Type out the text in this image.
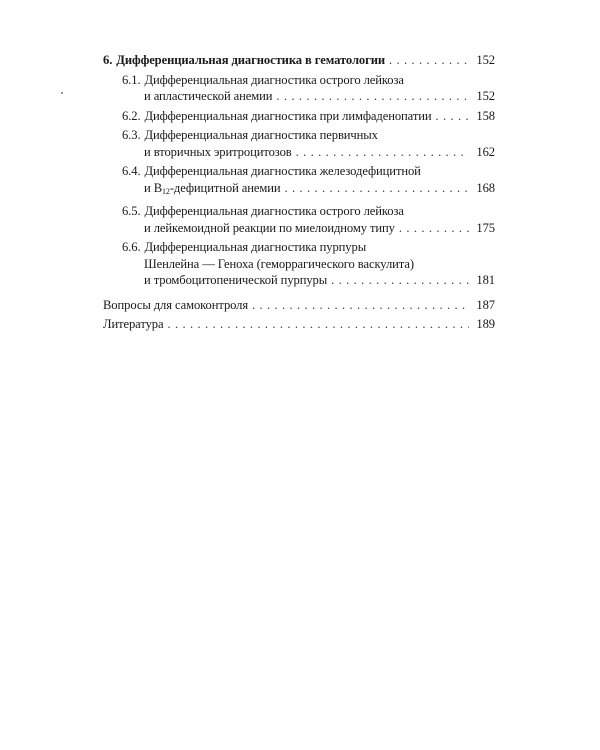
6. Дифференциальная диагностика в гематологии . . .	152
6.1. Дифференциальная диагностика острого лейкоза
и апластической анемии . . .	152
6.2. Дифференциальная диагностика при лимфаденопатии . . .	158
6.3. Дифференциальная диагностика первичных
и вторичных эритроцитозов . . .	162
6.4. Дифференциальная диагностика железодефицитной
и B12-дефицитной анемии . . .	168
6.5. Дифференциальная диагностика острого лейкоза
и лейкемоидной реакции по миелоидному типу . . .	175
6.6. Дифференциальная диагностика пурпуры
Шенлейна — Геноха (геморрагического васкулита)
и тромбоцитопенической пурпуры . . .	181
Вопросы для самоконтроля . . .	187
Литература . . .	189
